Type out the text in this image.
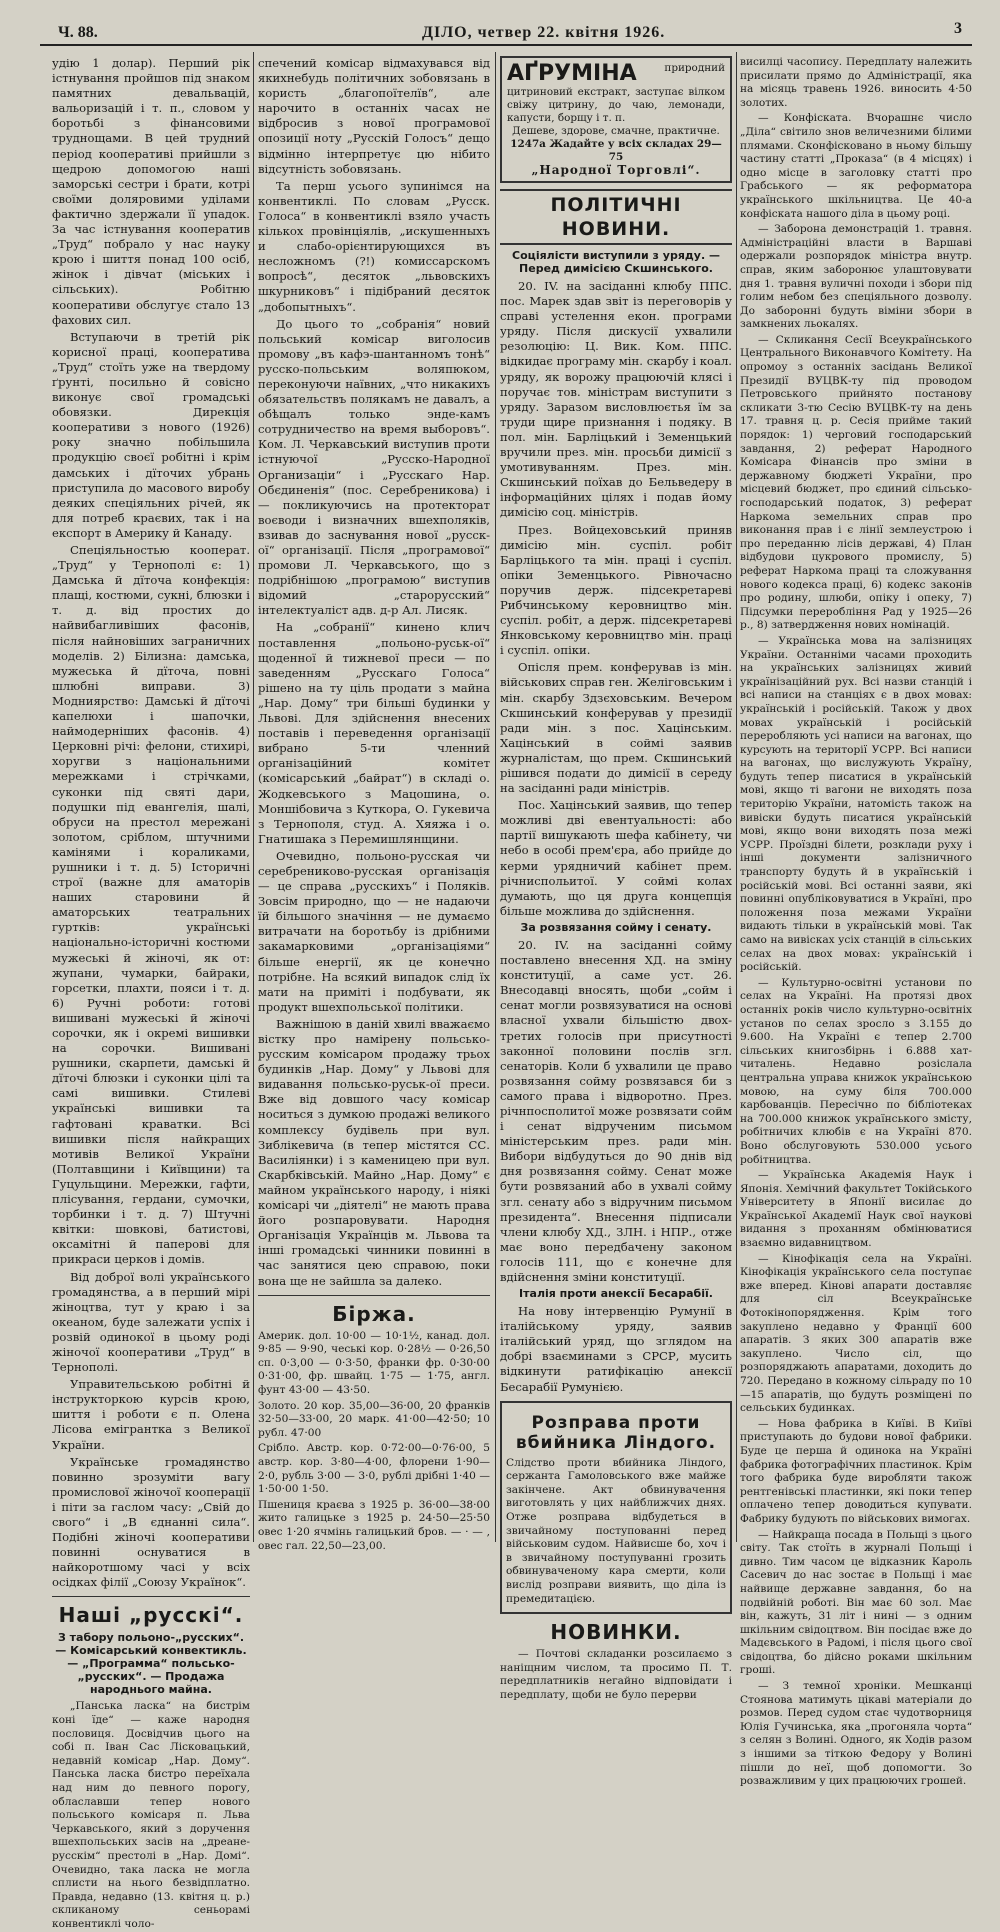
Ч. 88.	ДІЛО, четвер 22. квітня 1926.	3

удію 1 долар). Перший рік істнування пройшов під знаком памятних девальвацій, вальоризацій і т. п., словом у боротьбі з фінансовими труднощами. В цей трудний період кооперативі прийшли з щедрою допомогою наші заморські сестри і брати, котрі своїми доляровими уділами фактично здержали її упадок. За час істнування кооператив „Труд“ побрало у нас наукy крою і шиття понад 100 осіб, жінок і дівчат (міських і сільських). Робітню кооперативи обслугує стало 13 фахових сил.

Вступаючи в третій рік корисної праці, кооператива „Труд“ стоїть уже на твердому ґрунті, посильно й совісно виконує свої громадські обовязки. Дирекція кооперативи з нового (1926) року значно побільшила продукцію своєї робітні і крім дамських і дїточих убрань приступила до масового виробу деяких спеціяльних річей, як для потреб краєвих, так і на експорт в Америку й Канаду.

Спеціяльностью кооперат. „Труд“ у Тернополі є: 1) Дамська й дїточа конфекція: плащі, костюми, сукні, блюзки і т. д. від простих до найвибагливіших фасонів, після найновіших заграничних моделів. 2) Білизна: дамська, мужеська й дїточа, повні шлюбні виправи. 3) Модниярство: Дамські й дїточі капелюхи і шапочки, наймодерніших фасонів. 4) Церковні річі: фелони, стихирі, хоругви з національними мережками і стрічками, суконки під святі дари, подушки під евангелія, шалі, обруси на престол мережані золотом, сріблом, штучними камінями і кораликами, рушники і т. д. 5) Історичні строї (важне для аматорів наших старовини й аматорських театральних гуртків: українські національно-історичні костюми мужеські й жіночі, як от: жупани, чумарки, байраки, горсетки, плахти, пояси і т. д. 6) Ручні роботи: готові вишивані мужеські й жіночі сорочки, як і окремі вишивки на сорочки. Вишивані рушники, скарпети, дамські й дїточі блюзки і суконки цілі та самі вишивки. Стилеві українські вишивки та гафтовані краватки. Всі вишивки після найкращих мотивів Великої України (Полтавщини і Київщини) та Гуцульщини. Мережки, гафти, плісування, гердани, сумочки, торбинки і т. д. 7) Штучні квітки: шовкові, батистові, оксамітні й паперові для прикраси церков і домів.

Від доброї волі українського громадянства, а в перший мірі жіноцтва, тут у краю і за океаном, буде залежати успіх і розвій одинокої в цьому роді жіночої кооперативи „Труд“ в Тернополі.

Управительською робітні й інструкторкою курсів крою, шиття і роботи є п. Олена Лісова емігрантка з Великої України.

Українське громадянство повинно зрозуміти вагу промислової жіночої кооперації і піти за гаслом часу: „Свій до свого“ і „В єднанні сила“. Подібні жіночі кооперативи повинні оснуватися в найкоротшому часі у всіх осідках філії „Союзу Українок“.

Наші „русскі“.
З табору польоно-„русских“. — Комісарський конвектикль. — „Программа“ польсько-„русских“. — Продажа народнього майна.

„Панська ласка“ на бистрім коні їде“ — каже народня пословиця. Досвідчив цього на собі п. Іван Сас Лісковацький, недавній комісар „Нар. Дому“. Панська ласка бистро переїхала над ним до певного порогу, облаславши тепер нового польського комісаря п. Льва Черкавського, який з доручення вшехпольських засів на „дреане-русскім“ престолі в „Нар. Домі“. Очевидно, така ласка не могла сплисти на нього безвідплатно. Правда, недавно (13. квітня ц. р.) скликаному сеньорамі конвентиклі чоло-

спечений комісар відмахувався від якихнебудь політичних зобовязань в користь „благопоїтелїв“, але нарочито в останніх часах не відбросив з нової програмової опозиції ноту „Русскій Голосъ“ дещо відмінно інтерпретує цю нібито відсутність зобовязань.

Та перш усього зупинімся на конвентиклі. По словам „Русск. Голоса“ в конвентиклі взяло участь кількох провінціялів, „искушенныхъ и слабо-орієнтирующихся въ несложномъ (?!) комиссарскомъ вопросѣ“, десяток „львовскихъ шкурниковъ“ і підібраний десяток „добопытныхъ“.

До цього то „собранія“ новий польський комісар виголосив промову „въ кафэ-шантанномъ тонѣ“ русско-польським воляпюком, переконуючи наївних, „что никакихъ обязательствъ полякамъ не давалъ, а обѣщалъ только энде-камъ сотрудничество на время выборовъ“. Ком. Л. Черкавський виступив проти істнуючої „Русско-Народної Организаціи“ і „Русскаго Нар. Обєдиненія“ (пос. Серебреникова) і — покликуючись на протекторат воєводи і визначних вшехполяків, взивав до заснування нової „русск-ої“ організації. Після „програмової“ промови Л. Черкавського, що з подрібнішою „програмою“ виступив відомий „старорусский“ інтелектуаліст адв. д-р Ал. Лисяк.

На „собранії“ кинено клич поставлення „польоно-руськ-ої“ щоденної й тижневої преси — по заведенням „Русскаго Голоса“ рішено на ту ціль продати з майна „Нар. Дому“ три більші будинки у Львові. Для здійснення внесених поставів і переведення організації вибрано 5-ти членний організаційний комітет (комісарський „байрат“) в складі о. Жодкевського з Мацошина, о. Моншібовича з Куткора, О. Гукевича з Тернополя, студ. А. Хяяжа і о. Гнатишака з Перемишлянщини.

Очевидно, польоно-русская чи серебрениково-русская організація — це справа „русскихъ“ і Поляків. Зовсім природно, що — не надаючи їй більшого значіння — не думаємо витрачати на боротьбу із дрібними закамарковими „організаціями“ більше енергії, як це конечно потрібне. На всякий випадок слід їх мати на приміті і подбувати, як продукт вшехпольської політики.

Важнішою в даній хвилі вважаємо вістку про намірену польсько-русским комісаром продажу трьох будинків „Нар. Дому“ у Львові для видавання польсько-руськ-ої преси. Вже від довшого часу комісар носиться з думкою продажі великого комплексу будівель при вул. Зиблікевича (в тепер містятся СС. Василіянки) і з каменицею при вул. Скарбківській. Майно „Нар. Дому“ є майном українського народу, і ніякі комісарі чи „діятелі“ не мають права його розпаровувати. Народня Організація Українців м. Львова та інші громадські чинники повинні в час занятися цею справою, поки вона ще не зайшла за далеко.

Біржа.

Америк. дол. 10·00 — 10·1½, канад. дол. 9·85 — 9·90, чеські кор. 0·28½ — 0·26,50 сп. 0·3,00 — 0·3·50, франки фр. 0·30·00 0·31·00, фр. швайц. 1·75 — 1·75, англ. фунт 43·00 — 43·50.

Золото. 20 кор. 35,00—36·00, 20 франків 32·50—33·00, 20 марк. 41·00—42·50; 10 рубл. 47·00

Срібло. Австр. кор. 0·72·00—0·76·00, 5 австр. кор. 3·80—4·00, флорени 1·90—2·0, рубль 3·00 — 3·0, рублі дрібні 1·40 — 1·50·00 1·50.

Пшениця краєва з 1925 р. 36·00—38·00 жито галицьке з 1925 р. 24·50—25·50 овес 1·20 ячмінь галицький бров. — · — , овес гал. 22,50—23,00.

АҐРУМІНА	природний цитриновий екстракт, заступає вілком свіжу цитрину, до чаю, лемонади, капусти, борщу і т. п.
Дешеве, здорове, смачне, практичне.
1247а Жадайте у всіх складах 29—75
„Народної Торговлі“.
ПОЛІТИЧНІ НОВИНИ.
Соціялісти виступили з уряду. — Перед димісією Скшинського.

20. IV. на засіданні клюбу ППС. пос. Марек здав звіт із переговорів у справі устелення екон. програми уряду. Після дискусії ухвалили резолюцію: Ц. Вик. Ком. ППС. відкидає програму мін. скарбу і коал. уряду, як ворожу працюючій клясі і поручає тов. міністрам виступити з уряду. Заразом висловлюєтья їм за труди щире признання і подяку. В пол. мін. Барліцький і Земенцький вручили през. мін. просьби димісії з умотивуванням. През. мін. Скшинський поїхав до Бельведеру в інформаційних цілях і подав йому димісію соц. міністрів.

През. Войцеховський приняв димісію мін. суспіл. робіт Барліцького та мін. праці і суспіл. опіки Земенцького. Рівночасно поручив держ. підсекретареві Рибчинському керовництво мін. суспіл. робіт, а держ. підсекретареві Янковському керовництво мін. праці і суспіл. опіки.

Опісля прем. конферував із мін. військових справ ген. Желіговським і мін. скарбу Здзєховським. Вечером Скшинський конферував у президії ради мін. з пос. Хацінським. Хацінський в соймі заявив журналістам, що прем. Скшинський рішився подати до димісії в середу на засіданні ради міністрів.

Пос. Хацінський заявив, що тепер можливі дві евентуальності: або партії вишукають шефа кабінету, чи небо в особі прем'єра, або прийде до керми урядничий кабінет прем. річниспольитої. У соймі колах думають, що ця друга концепція більше можлива до здійснення.

За розвязання сойму і сенату.

20. IV. на засіданні сойму поставлено внесення ХД. на зміну конституції, а саме уст. 26. Внесодавці вносять, щоби „сойм і сенат могли розвязуватися на основі власної ухвали більшістю двох-третих голосів при присутності законної половини послів згл. сенаторів. Коли б ухвалили це право розвязання сойму розвязався би з самого права і відворотно. През. річнпосполитої може розвязати сойм і сенат відрученим письмом міністерським през. ради мін. Вибори відбудуться до 90 днів від дня розвязання сойму. Сенат може бути розвязаний або в ухвалі сойму згл. сенату або з відручним письмом президента“. Внесення підписали члени клюбу ХД., ЗЛН. і НПР., отже має воно передбачену законом голосів 111, що є конечне для вдійснення зміни конституції.

Італія проти анексії Бесарабії.

На нову інтервенцію Румунії в італійському уряду, заявив італійський уряд, що зглядом на добрі взаєминами з СРСР, мусить відкинути ратифікацію анексії Бесарабії Румунією.

Розправа проти вбийника Ліндого.

Слідство проти вбийника Ліндого, сержанта Гамоловського вже майже закінчене. Акт обвинувачення виготовлять у цих найближчих днях. Отже розправа відбудеться в звичайному поступованні перед військовим судом. Найвисше бо, хоч і в звичайному поступуванні грозить обвинуваченому кара смерти, коли вислід розправи виявить, що діла із премедитацією.

НОВИНКИ.

— Почтові складанки розсилаємо з наніщним числом, та просимо П. Т. передплатників негайно відповідати і передплату, щоби не було перерви

висилці часопису. Передплату належить присилати прямо до Адміністрації, яка на місяць травень 1926. виносить 4·50 золотих.

— Конфіската. Вчорашнє число „Діла“ світило знов величезними білими плямами. Сконфісковано в ньому більшу частину статті „Проказа“ (в 4 місцях) і одно місце в заголовку статті про Грабського — як реформатора українського шкільництва. Це 40-а конфіската нашого діла в цьому році.

— Заборона демонстрацій 1. травня. Адміністраційні власти в Варшаві одержали розпорядок міністра внутр. справ, яким заборонює улаштовувати дня 1. травня вуличні походи і збори під голим небом без спеціяльного дозволу. До заборонні будуть віміни збори в замкнених льокалях.

— Скликання Сесії Всеукраїнського Центрального Виконавчого Комітету. На опромоу з останніх засідань Великої Президії ВУЦВК-ту під проводом Петровського прийнято постанову скликати 3-тю Сесію ВУЦВК-ту на день 17. травня ц. р. Сесія прийме такий порядок: 1) черговий господарський завдання, 2) реферат Народного Комісара Фінансів про зміни в державному бюджеті України, про місцевий бюджет, про єдиний сільсько-господарський податок, 3) реферат Наркома земельних справ про виконання прав і є лінії землеустрою і про переданню лісів державі, 4) План відбудови цукрового промислу, 5) реферат Наркома праці та сложування нового кодекса праці, 6) кодекс законів про родину, шлюби, опіку і опеку, 7) Підсумки переробління Рад у 1925—26 р., 8) затвердження нових номінацій.

— Українська мова на залізницях України. Останніми часами проходить на українських залізницях живий українізаційний рух. Всі назви станцій і всі написи на станціях є в двох мовах: українській і російській. Також у двох мовах українській і російській переробляють усі написи на вагонах, що курсують на території УСРР. Всі написи на вагонах, що вислужують Україну, будуть тепер писатися в українській мові, якщо ті вагони не виходять поза територію України, натомість також на вивіски будуть писатися українській мові, якщо вони виходять поза межі УСРР. Проїздні білети, розклади руху і інші документи залізничного транспорту будуть й в українській і російській мові. Всі останні заяви, які повинні опубліковуватися в Україні, про положення поза межами України видають тільки в українській мові. Так само на вивісках усіх станцій в сільських селах на двох мовах: українській і російській.

— Культурно-освітні установи по селах на Україні. На протязі двох останніх років число культурно-освітніх установ по селах зросло з 3.155 до 9.600. На Україні є тепер 2.700 сільських книгозбірнь і 6.888 хат-читалень. Недавно розіслала центральна управа книжок українською мовою, на суму біля 700.000 карбованців. Пересічно по бібліотеках на 700.000 книжок українського змісту, робітничих клюбів є на Україні 870. Воно обслуговують 530.000 усього робітництва.

— Українська Академія Наук і Японія. Хемічний факультет Токійського Університету в Японії висилає до Української Академії Наук свої наукові видання з проханням обмінюватися взаємно видавництвом.

— Кінофікація села на Україні. Кінофікація українського села поступає вже вперед. Кінові апарати доставляє для сіл Всеукраїнське Фотокінопорядження. Крім того закуплено недавно у Франції 600 апаратів. З яких 300 апаратів вже закуплено. Число сіл, що розпоряджають апаратами, доходить до 720. Передано в кожному сільраду по 10—15 апаратів, що будуть розміщені по сельських будинках.

— Нова фабрика в Київі. В Київі приступають до будови нової фабрики. Буде це перша й одинока на Україні фабрика фотографічних пластинок. Крім того фабрика буде виробляти також рентгенівські пластинки, які поки тепер оплачено тепер доводиться купувати. Фабрику будують по військових вимогах.

— Найкраща посада в Польщі з цього світу. Так стоїть в журналі Польщі і дивно. Тим часом це відказник Кароль Сасевич до нас зостає в Польщі і має найвище державне завдання, бо на подвійній роботі. Він має 60 зол. Має він, кажуть, 31 літ і нині — з одним шкільним свідоцтвом. Він посідає вже до Мадєвського в Радомі, і після цього свої свідоцтва, бо дійсно роками шкільним гроші.

— З темної хроніки. Мешканці Стоянова матимуть цікаві матеріали до розмов. Перед судом стає чудотворниця Юлія Гучинська, яка „прогоняла чорта“ з селян з Волині. Одного, як Ходів разом з іншими за тіткою Федору у Волині пішли до неї, щоб допомогти. Зо розважливим у цих працюючих грошей.
